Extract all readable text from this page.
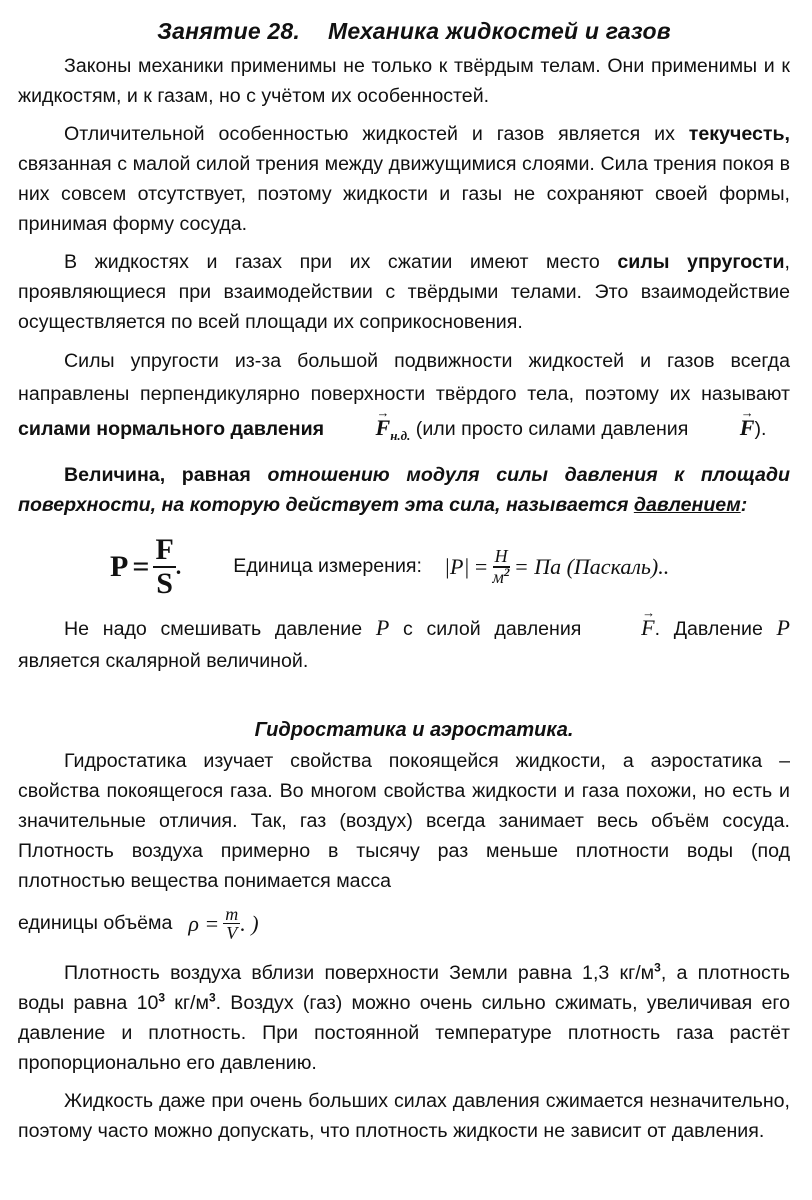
Занятие 28. Механика жидкостей и газов

Законы механики применимы не только к твёрдым телам. Они применимы и к жидкостям, и к газам, но с учётом их особенностей.

Отличительной особенностью жидкостей и газов является их текучесть, связанная с малой силой трения между движущимися слоями. Сила трения покоя в них совсем отсутствует, поэтому жидкости и газы не сохраняют своей формы, принимая форму сосуда.

В жидкостях и газах при их сжатии имеют место силы упругости, проявляющиеся при взаимодействии с твёрдыми телами. Это взаимодействие осуществляется по всей площади их соприкосновения.

Силы упругости из-за большой подвижности жидкостей и газов всегда направлены перпендикулярно поверхности твёрдого тела, поэтому их называют силами нормального давления → $F_{н.д.}$ (или просто силами давления → F).

Величина, равная отношению модуля силы давления к площади поверхности, на которую действует эта сила, называется давлением:

$P = \frac{F}{S}$ .	Единица измерения: $|P| = \frac{Н}{м^2}$ = Па (Паскаль)..

Не надо смешивать давление P с силой давления → F. Давление P является скалярной величиной.

Гидростатика и аэростатика.

Гидростатика изучает свойства покоящейся жидкости, а аэростатика – свойства покоящегося газа. Во многом свойства жидкости и газа похожи, но есть и значительные отличия. Так, газ (воздух) всегда занимает весь объём сосуда. Плотность воздуха примерно в тысячу раз меньше плотности воды (под плотностью вещества понимается масса

единицы объёма $\rho = \frac{m}{V}$ . )

Плотность воздуха вблизи поверхности Земли равна 1,3 $кг/м^3$, а плотность воды равна $10^3$ $кг/м^3$. Воздух (газ) можно очень сильно сжимать, увеличивая его давление и плотность. При постоянной температуре плотность газа растёт пропорционально его давлению.

Жидкость даже при очень больших силах давления сжимается незначительно, поэтому часто можно допускать, что плотность жидкости не зависит от давления.
